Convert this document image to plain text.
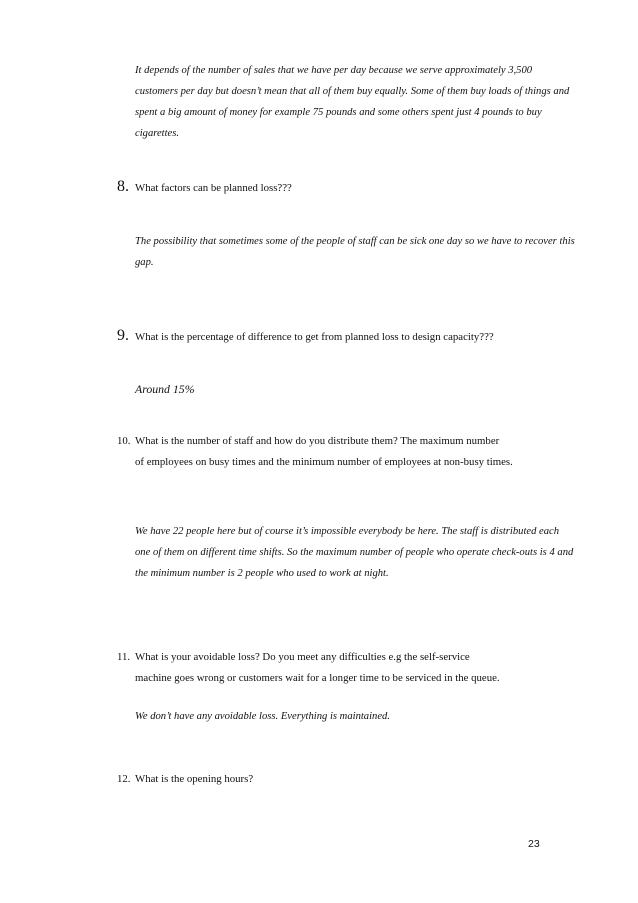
It depends of the number of sales that we have per day because we serve approximately 3,500 customers per day but doesn’t mean that all of them buy equally. Some of them buy loads of things and spent a big amount of money for example 75 pounds and some others spent just 4 pounds to buy cigarettes.

8. What factors can be planned loss???

The possibility that sometimes some of the people of staff can be sick one day so we have to recover this gap.

9. What is the percentage of difference to get from planned loss to design capacity???

Around 15%

10. What is the number of staff and how do you distribute them? The maximum number
of employees on busy times and the minimum number of employees at non-busy times.

We have 22 people here but of course it’s impossible everybody be here. The staff is distributed each one of them on different time shifts. So the maximum number of people who operate check-outs is 4 and the minimum number is 2 people who used to work at night.

11. What is your avoidable loss? Do you meet any difficulties e.g the self-service
machine goes wrong or customers wait for a longer time to be serviced in the queue.

We don’t have any avoidable loss. Everything is maintained.

12. What is the opening hours?
23
